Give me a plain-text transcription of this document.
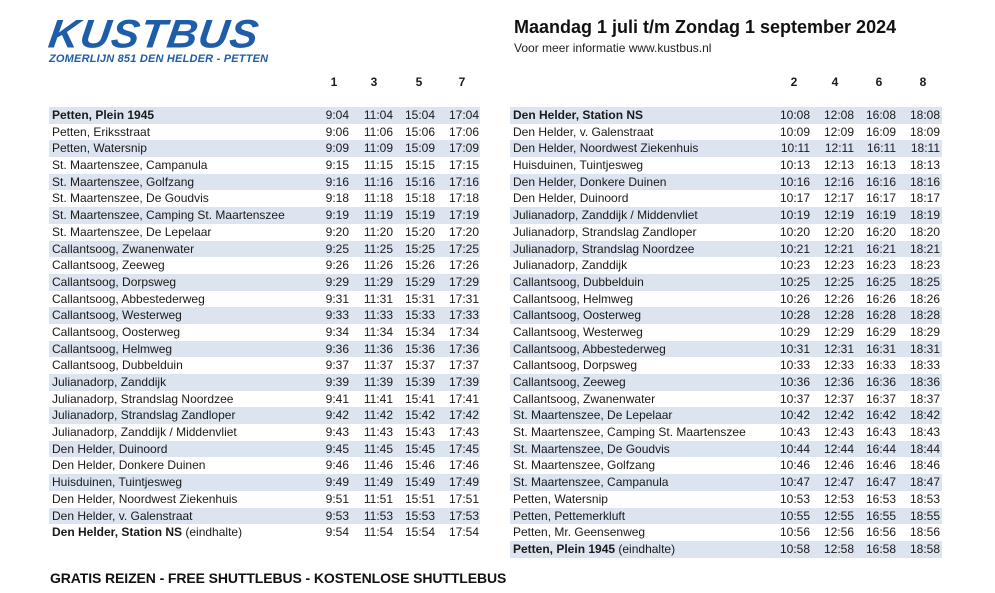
KUSTBUS
ZOMERLIJN 851 DEN HELDER - PETTEN
Maandag 1 juli t/m Zondag 1 september 2024
Voor meer informatie www.kustbus.nl
1	3	5	7
Petten, Plein 1945	9:04	11:04 15:04	17:04
Petten, Eriksstraat	9:06	11:06 15:06	17:06
Petten, Watersnip	9:09	11:09 15:09	17:09
St. Maartenszee, Campanula	9:15	11:15 15:15	17:15
St. Maartenszee, Golfzang	9:16	11:16 15:16	17:16
St. Maartenszee, De Goudvis	9:18	11:18 15:18	17:18
St. Maartenszee, Camping St. Maartenszee	9:19	11:19 15:19	17:19
St. Maartenszee, De Lepelaar	9:20	11:20 15:20	17:20
Callantsoog, Zwanenwater	9:25	11:25 15:25	17:25
Callantsoog, Zeeweg	9:26	11:26 15:26	17:26
Callantsoog, Dorpsweg	9:29	11:29 15:29	17:29
Callantsoog, Abbestederweg	9:31	11:31 15:31	17:31
Callantsoog, Westerweg	9:33	11:33 15:33	17:33
Callantsoog, Oosterweg	9:34	11:34 15:34	17:34
Callantsoog, Helmweg	9:36	11:36 15:36	17:36
Callantsoog, Dubbelduin	9:37	11:37 15:37	17:37
Julianadorp, Zanddijk	9:39	11:39 15:39	17:39
Julianadorp, Strandslag Noordzee	9:41	11:41 15:41	17:41
Julianadorp, Strandslag Zandloper	9:42	11:42 15:42	17:42
Julianadorp, Zanddijk / Middenvliet	9:43	11:43 15:43	17:43
Den Helder, Duinoord	9:45	11:45 15:45	17:45
Den Helder, Donkere Duinen	9:46	11:46 15:46	17:46
Huisduinen, Tuintjesweg	9:49	11:49 15:49	17:49
Den Helder, Noordwest Ziekenhuis	9:51	11:51 15:51	17:51
Den Helder, v. Galenstraat	9:53	11:53 15:53	17:53
Den Helder, Station NS (eindhalte)	9:54	11:54 15:54	17:54
2	4	6	8
Den Helder, Station NS	10:08	12:08 16:08	18:08
Den Helder, v. Galenstraat	10:09	12:09 16:09	18:09
Den Helder, Noordwest Ziekenhuis	10:11	12:11	16:11	18:11
Huisduinen, Tuintjesweg	10:13	12:13 16:13	18:13
Den Helder, Donkere Duinen	10:16	12:16 16:16	18:16
Den Helder, Duinoord	10:17	12:17 16:17	18:17
Julianadorp, Zanddijk / Middenvliet	10:19	12:19 16:19	18:19
Julianadorp, Strandslag Zandloper	10:20	12:20 16:20	18:20
Julianadorp, Strandslag Noordzee	10:21	12:21 16:21	18:21
Julianadorp, Zanddijk	10:23	12:23 16:23	18:23
Callantsoog, Dubbelduin	10:25	12:25 16:25	18:25
Callantsoog, Helmweg	10:26	12:26 16:26	18:26
Callantsoog, Oosterweg	10:28	12:28 16:28	18:28
Callantsoog, Westerweg	10:29	12:29 16:29	18:29
Callantsoog, Abbestederweg	10:31	12:31 16:31	18:31
Callantsoog, Dorpsweg	10:33	12:33 16:33	18:33
Callantsoog, Zeeweg	10:36	12:36 16:36	18:36
Callantsoog, Zwanenwater	10:37	12:37 16:37	18:37
St. Maartenszee, De Lepelaar	10:42	12:42 16:42	18:42
St. Maartenszee, Camping St. Maartenszee	10:43	12:43 16:43	18:43
St. Maartenszee, De Goudvis	10:44	12:44 16:44	18:44
St. Maartenszee, Golfzang	10:46	12:46 16:46	18:46
St. Maartenszee, Campanula	10:47	12:47 16:47	18:47
Petten, Watersnip	10:53	12:53 16:53	18:53
Petten, Pettemerkluft	10:55	12:55 16:55	18:55
Petten, Mr. Geensenweg	10:56	12:56 16:56	18:56
Petten, Plein 1945 (eindhalte)	10:58	12:58 16:58	18:58
GRATIS REIZEN - FREE SHUTTLEBUS - KOSTENLOSE SHUTTLEBUS
